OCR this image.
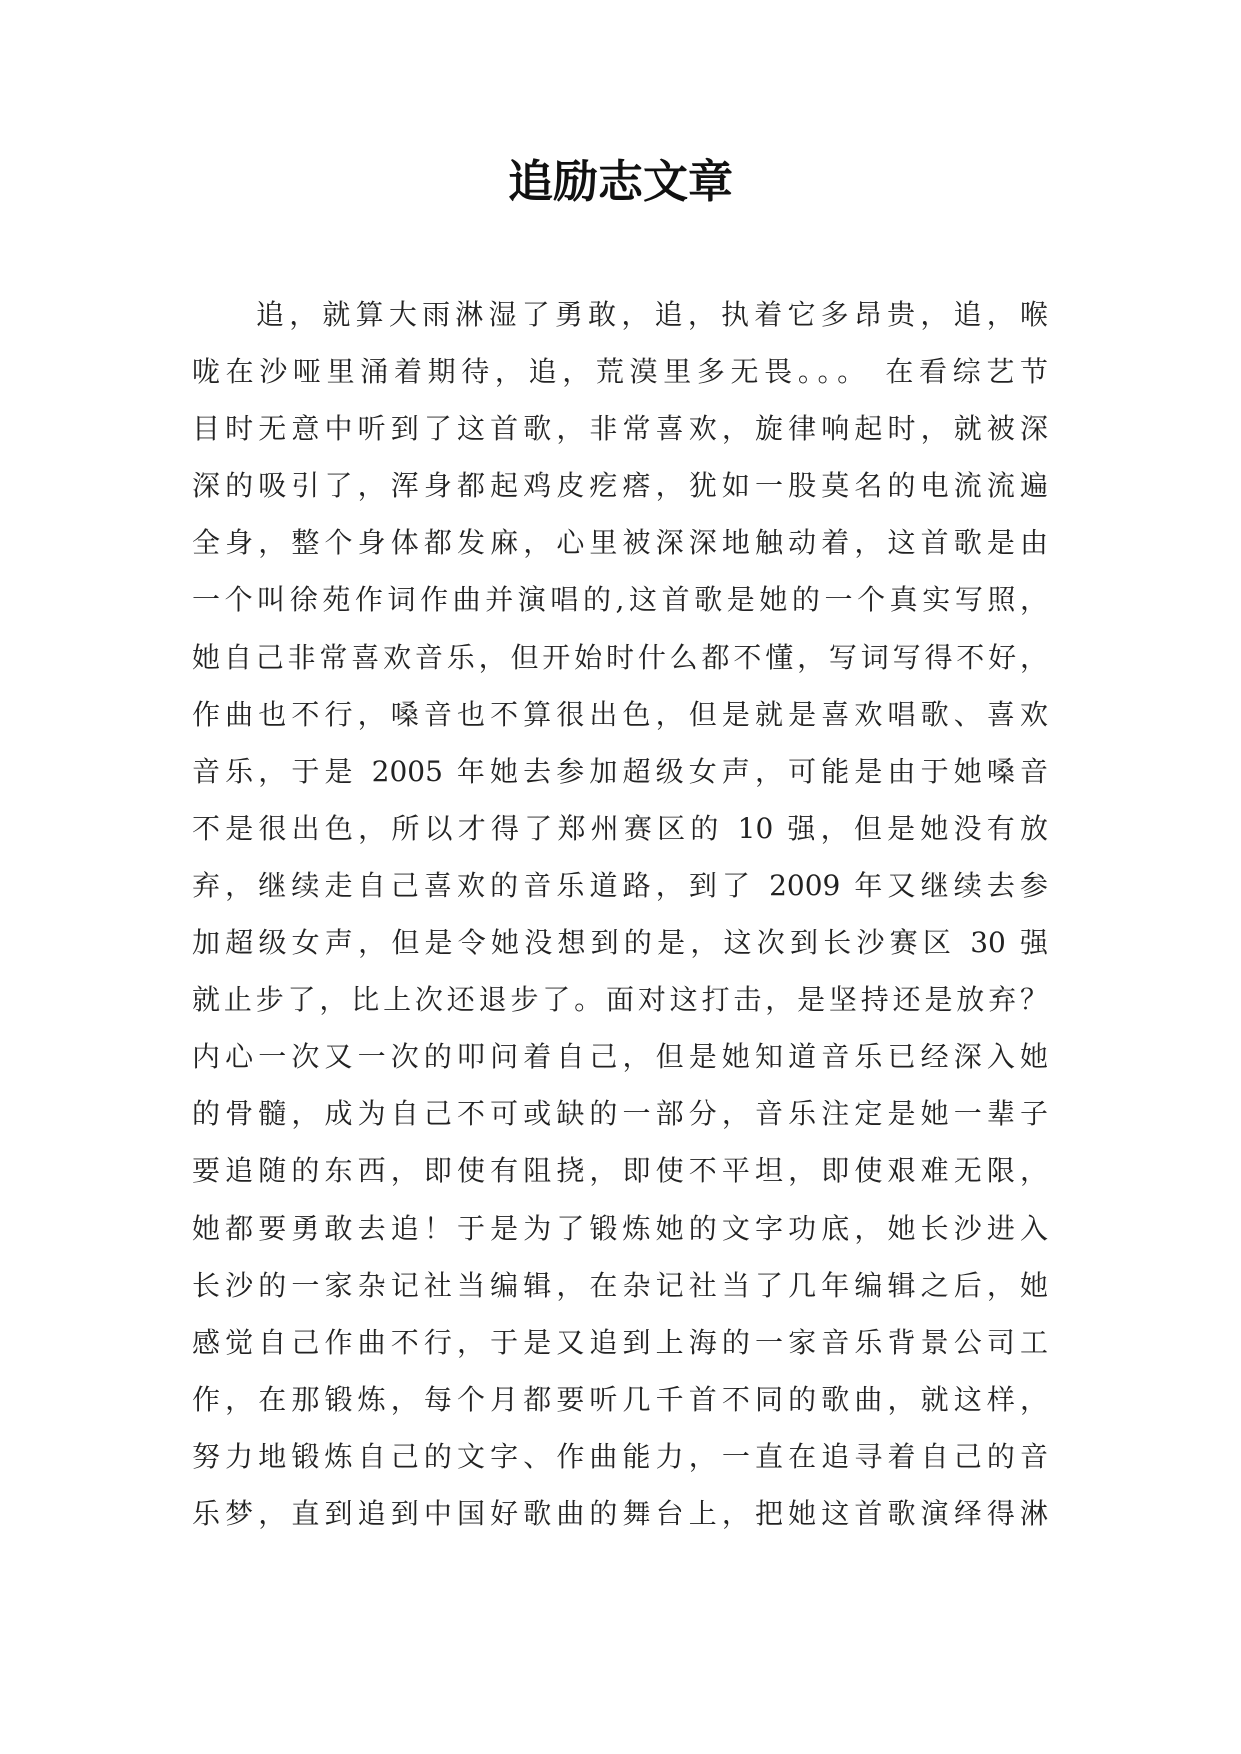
追励志文章
追，就算大雨淋湿了勇敢，追，执着它多昂贵，追，喉
咙在沙哑里涌着期待，追，荒漠里多无畏。。。 在看综艺节
目时无意中听到了这首歌，非常喜欢，旋律响起时，就被深
深的吸引了，浑身都起鸡皮疙瘩，犹如一股莫名的电流流遍
全身，整个身体都发麻，心里被深深地触动着，这首歌是由
一个叫徐苑作词作曲并演唱的,这首歌是她的一个真实写照，
她自己非常喜欢音乐，但开始时什么都不懂，写词写得不好，
作曲也不行，嗓音也不算很出色，但是就是喜欢唱歌、喜欢
音乐，于是 2005 年她去参加超级女声，可能是由于她嗓音
不是很出色，所以才得了郑州赛区的 10 强，但是她没有放
弃，继续走自己喜欢的音乐道路，到了 2009 年又继续去参
加超级女声，但是令她没想到的是，这次到长沙赛区 30 强
就止步了，比上次还退步了。面对这打击，是坚持还是放弃？
内心一次又一次的叩问着自己，但是她知道音乐已经深入她
的骨髓，成为自己不可或缺的一部分，音乐注定是她一辈子
要追随的东西，即使有阻挠，即使不平坦，即使艰难无限，
她都要勇敢去追！于是为了锻炼她的文字功底，她长沙进入
长沙的一家杂记社当编辑，在杂记社当了几年编辑之后，她
感觉自己作曲不行，于是又追到上海的一家音乐背景公司工
作，在那锻炼，每个月都要听几千首不同的歌曲，就这样，
努力地锻炼自己的文字、作曲能力，一直在追寻着自己的音
乐梦，直到追到中国好歌曲的舞台上，把她这首歌演绎得淋
